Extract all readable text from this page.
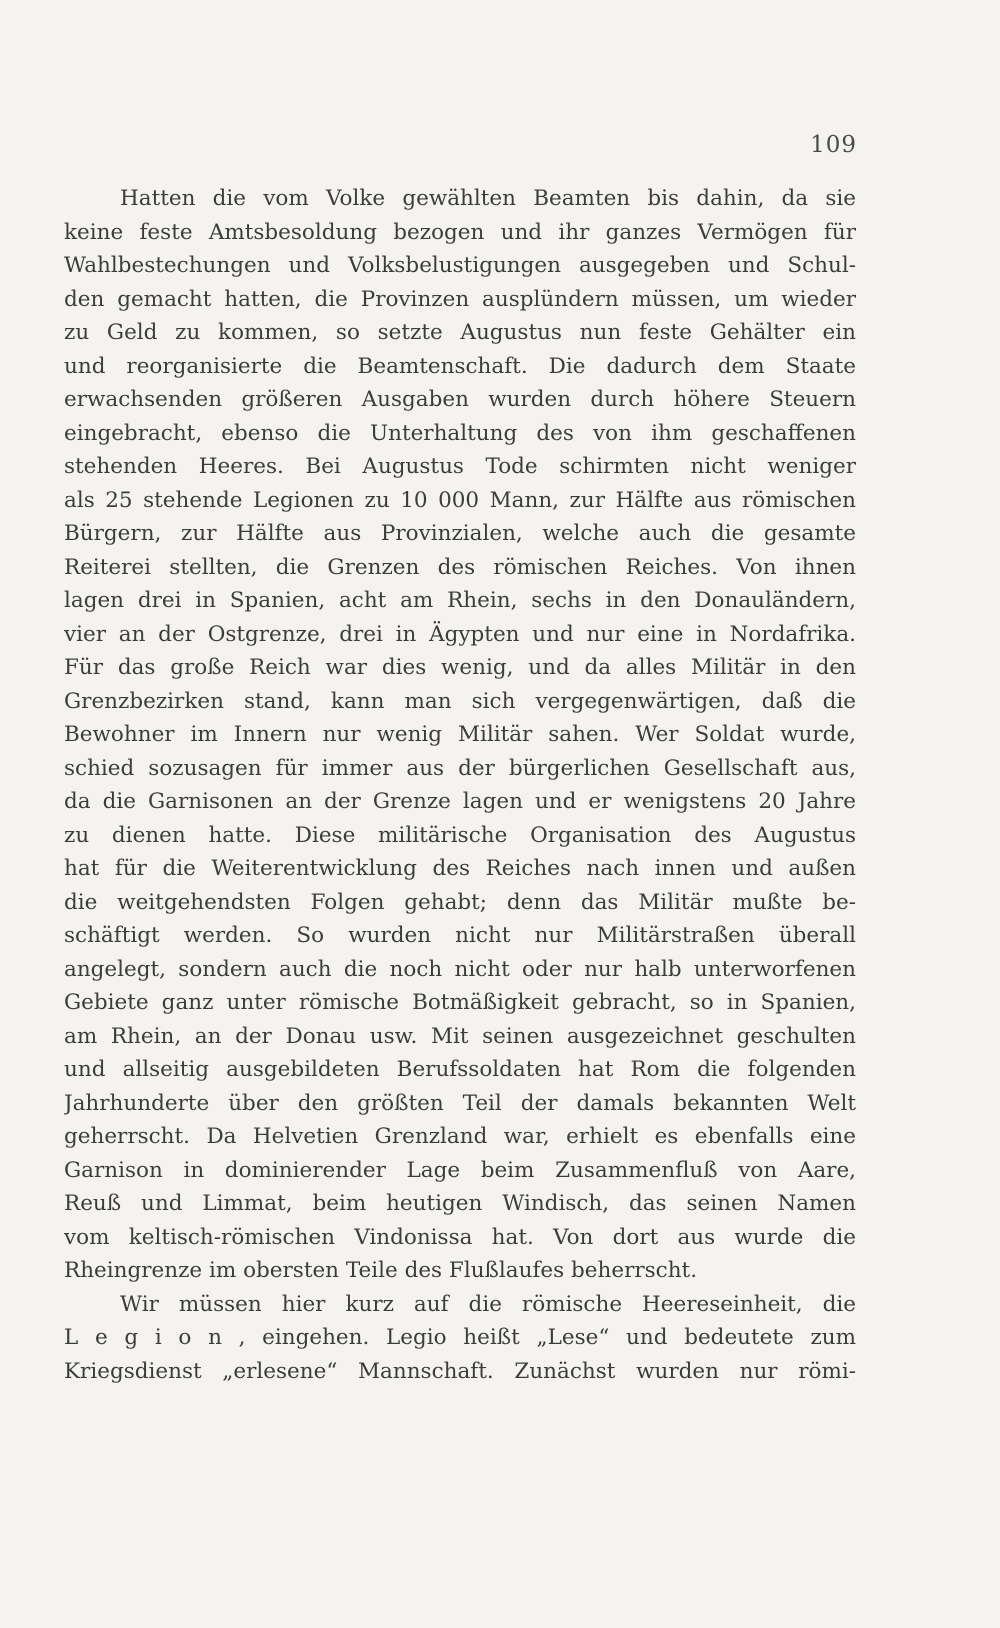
109
Hatten die vom Volke gewählten Beamten bis dahin, da sie
keine feste Amtsbesoldung bezogen und ihr ganzes Vermögen für
Wahlbestechungen und Volksbelustigungen ausgegeben und Schul-
den gemacht hatten, die Provinzen ausplündern müssen, um wieder
zu Geld zu kommen, so setzte Augustus nun feste Gehälter ein
und reorganisierte die Beamtenschaft. Die dadurch dem Staate
erwachsenden größeren Ausgaben wurden durch höhere Steuern
eingebracht, ebenso die Unterhaltung des von ihm geschaffenen
stehenden Heeres. Bei Augustus Tode schirmten nicht weniger
als 25 stehende Legionen zu 10 000 Mann, zur Hälfte aus römischen
Bürgern, zur Hälfte aus Provinzialen, welche auch die gesamte
Reiterei stellten, die Grenzen des römischen Reiches. Von ihnen
lagen drei in Spanien, acht am Rhein, sechs in den Donauländern,
vier an der Ostgrenze, drei in Ägypten und nur eine in Nordafrika.
Für das große Reich war dies wenig, und da alles Militär in den
Grenzbezirken stand, kann man sich vergegenwärtigen, daß die
Bewohner im Innern nur wenig Militär sahen. Wer Soldat wurde,
schied sozusagen für immer aus der bürgerlichen Gesellschaft aus,
da die Garnisonen an der Grenze lagen und er wenigstens 20 Jahre
zu dienen hatte. Diese militärische Organisation des Augustus
hat für die Weiterentwicklung des Reiches nach innen und außen
die weitgehendsten Folgen gehabt; denn das Militär mußte be-
schäftigt werden. So wurden nicht nur Militärstraßen überall
angelegt, sondern auch die noch nicht oder nur halb unterworfenen
Gebiete ganz unter römische Botmäßigkeit gebracht, so in Spanien,
am Rhein, an der Donau usw. Mit seinen ausgezeichnet geschulten
und allseitig ausgebildeten Berufssoldaten hat Rom die folgenden
Jahrhunderte über den größten Teil der damals bekannten Welt
geherrscht. Da Helvetien Grenzland war, erhielt es ebenfalls eine
Garnison in dominierender Lage beim Zusammenfluß von Aare,
Reuß und Limmat, beim heutigen Windisch, das seinen Namen
vom keltisch-römischen Vindonissa hat. Von dort aus wurde die
Rheingrenze im obersten Teile des Flußlaufes beherrscht.
Wir müssen hier kurz auf die römische Heereseinheit, die
L e g i o n , eingehen. Legio heißt „Lese“ und bedeutete zum
Kriegsdienst „erlesene“ Mannschaft. Zunächst wurden nur römi-
